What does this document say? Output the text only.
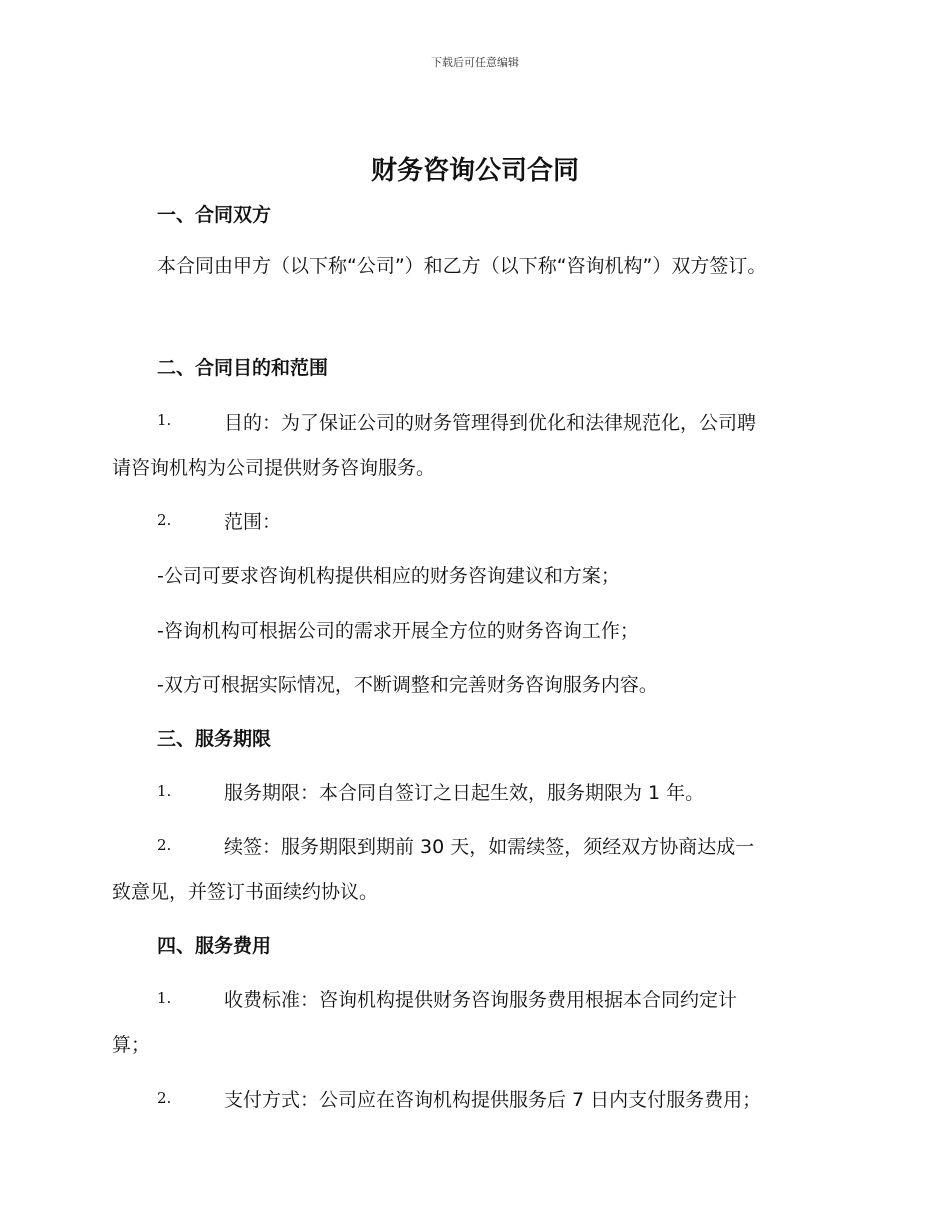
下载后可任意编辑
财务咨询公司合同
一、合同双方
本合同由甲方（以下称“公司”）和乙方（以下称“咨询机构”）双方签订。
二、合同目的和范围
1.	目的：为了保证公司的财务管理得到优化和法律规范化，公司聘
请咨询机构为公司提供财务咨询服务。
2.	范围：
-公司可要求咨询机构提供相应的财务咨询建议和方案；
-咨询机构可根据公司的需求开展全方位的财务咨询工作；
-双方可根据实际情况，不断调整和完善财务咨询服务内容。
三、服务期限
1.	服务期限：本合同自签订之日起生效，服务期限为 1 年。
2.	续签：服务期限到期前 30 天，如需续签，须经双方协商达成一
致意见，并签订书面续约协议。
四、服务费用
1.	收费标准：咨询机构提供财务咨询服务费用根据本合同约定计
算；
2.	支付方式：公司应在咨询机构提供服务后 7 日内支付服务费用；
